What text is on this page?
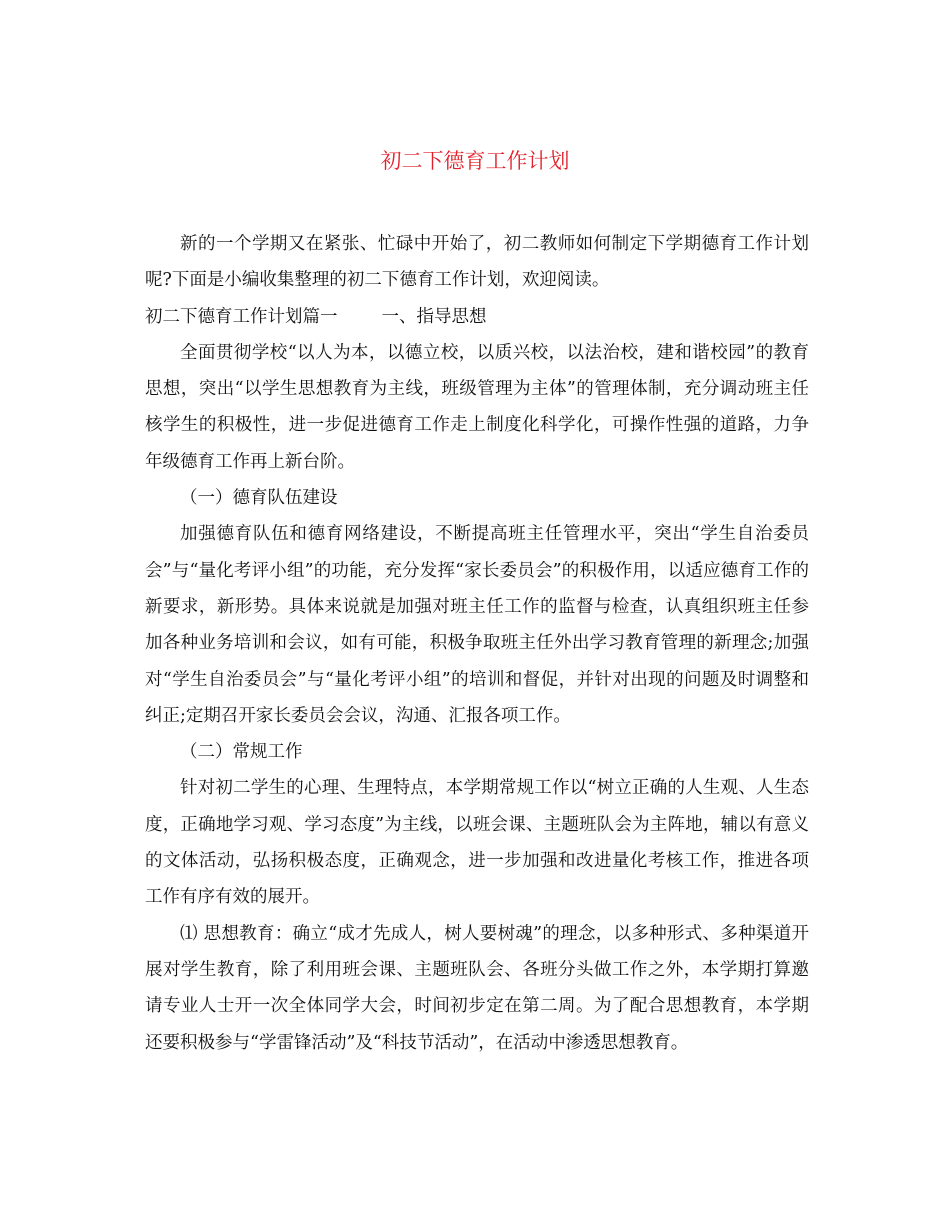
初二下德育工作计划

新的一个学期又在紧张、忙碌中开始了，初二教师如何制定下学期德育工作计划呢?下面是小编收集整理的初二下德育工作计划，欢迎阅读。

初二下德育工作计划篇一	一、指导思想

全面贯彻学校“以人为本，以德立校，以质兴校，以法治校，建和谐校园”的教育思想，突出“以学生思想教育为主线，班级管理为主体”的管理体制，充分调动班主任核学生的积极性，进一步促进德育工作走上制度化科学化，可操作性强的道路，力争年级德育工作再上新台阶。

（一）德育队伍建设

加强德育队伍和德育网络建设，不断提高班主任管理水平，突出“学生自治委员会”与“量化考评小组”的功能，充分发挥“家长委员会”的积极作用，以适应德育工作的新要求，新形势。具体来说就是加强对班主任工作的监督与检查，认真组织班主任参加各种业务培训和会议，如有可能，积极争取班主任外出学习教育管理的新理念;加强对“学生自治委员会”与“量化考评小组”的培训和督促，并针对出现的问题及时调整和纠正;定期召开家长委员会会议，沟通、汇报各项工作。

（二）常规工作

针对初二学生的心理、生理特点，本学期常规工作以“树立正确的人生观、人生态度，正确地学习观、学习态度”为主线，以班会课、主题班队会为主阵地，辅以有意义的文体活动，弘扬积极态度，正确观念，进一步加强和改进量化考核工作，推进各项工作有序有效的展开。

⑴ 思想教育：确立“成才先成人，树人要树魂”的理念，以多种形式、多种渠道开展对学生教育，除了利用班会课、主题班队会、各班分头做工作之外，本学期打算邀请专业人士开一次全体同学大会，时间初步定在第二周。为了配合思想教育，本学期还要积极参与“学雷锋活动”及“科技节活动”，在活动中渗透思想教育。
